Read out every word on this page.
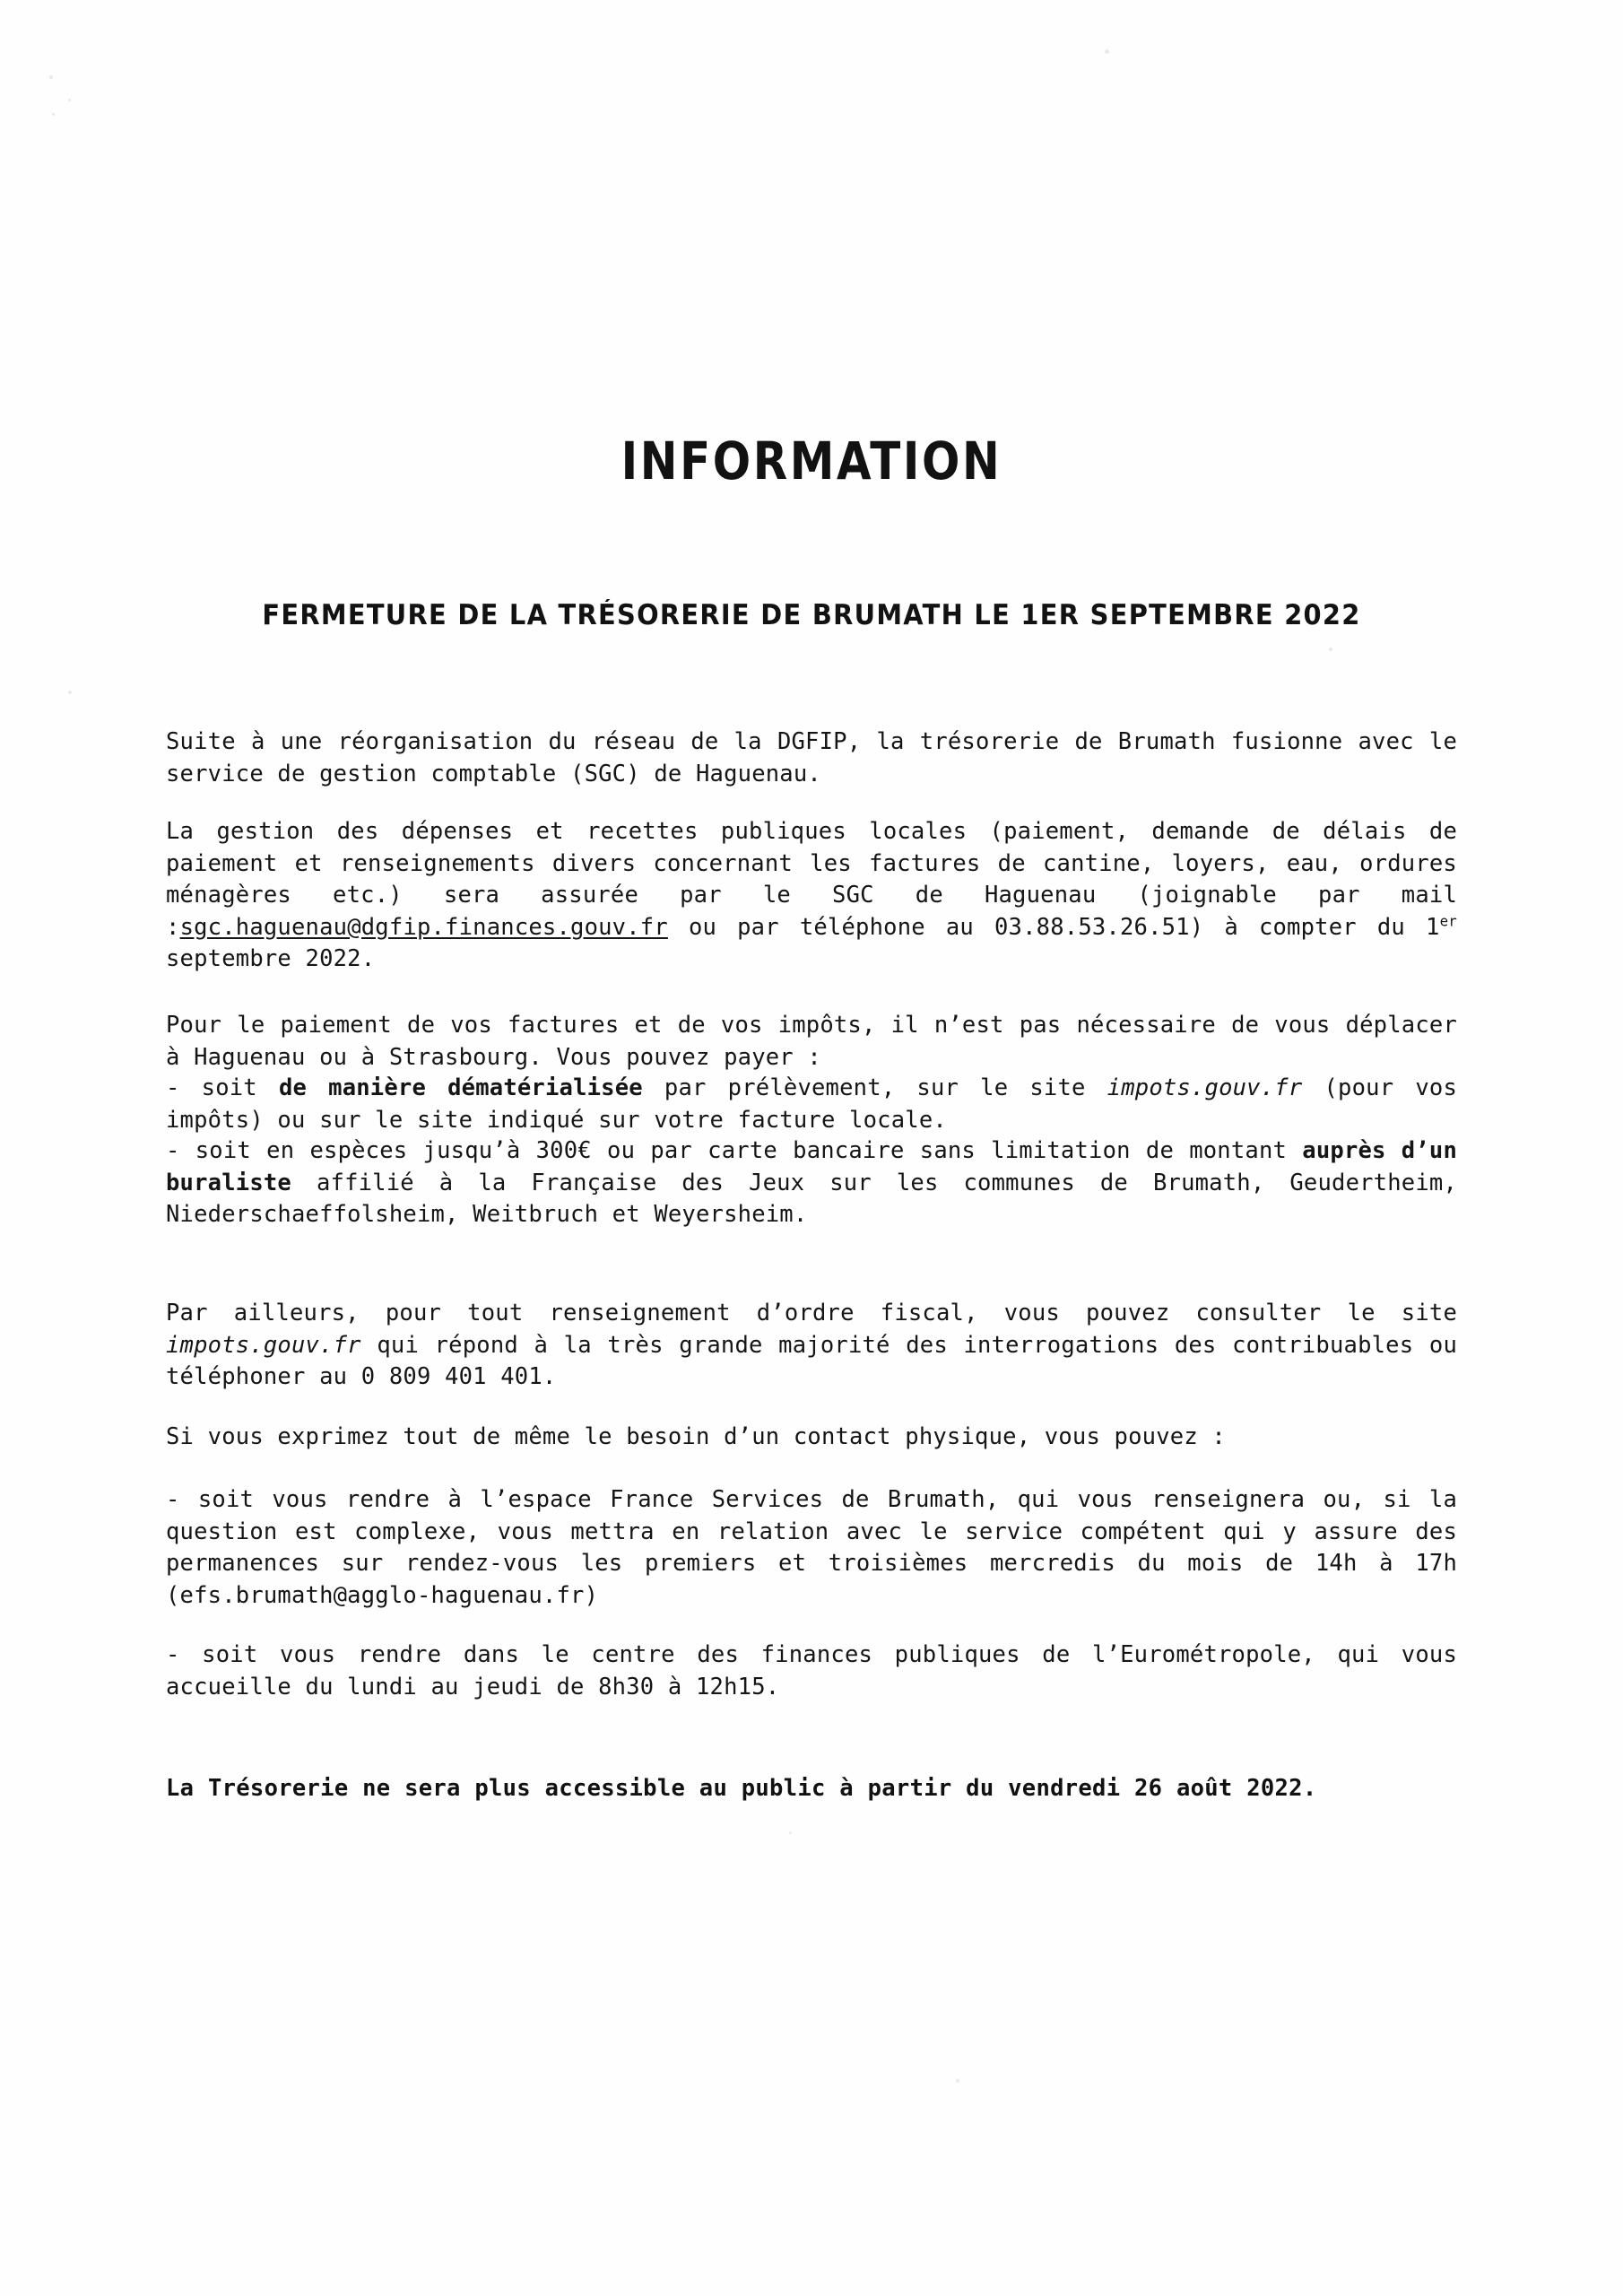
INFORMATION
FERMETURE DE LA TRÉSORERIE DE BRUMATH LE 1ER SEPTEMBRE 2022

Suite à une réorganisation du réseau de la DGFIP, la trésorerie de Brumath fusionne avec le service de gestion comptable (SGC) de Haguenau.

La gestion des dépenses et recettes publiques locales (paiement, demande de délais de paiement et renseignements divers concernant les factures de cantine, loyers, eau, ordures ménagères etc.) sera assurée par le SGC de Haguenau (joignable par mail :sgc.haguenau@dgfip.finances.gouv.fr ou par téléphone au 03.88.53.26.51) à compter du 1er septembre 2022.

Pour le paiement de vos factures et de vos impôts, il n’est pas nécessaire de vous déplacer à Haguenau ou à Strasbourg. Vous pouvez payer :

- soit de manière dématérialisée par prélèvement, sur le site impots.gouv.fr (pour vos impôts) ou sur le site indiqué sur votre facture locale.

- soit en espèces jusqu’à 300€ ou par carte bancaire sans limitation de montant auprès d’un buraliste affilié à la Française des Jeux sur les communes de Brumath, Geudertheim, Niederschaeffolsheim, Weitbruch et Weyersheim.

Par ailleurs, pour tout renseignement d’ordre fiscal, vous pouvez consulter le site impots.gouv.fr qui répond à la très grande majorité des interrogations des contribuables ou téléphoner au 0 809 401 401.

Si vous exprimez tout de même le besoin d’un contact physique, vous pouvez :

- soit vous rendre à l’espace France Services de Brumath, qui vous renseignera ou, si la question est complexe, vous mettra en relation avec le service compétent qui y assure des permanences sur rendez-vous les premiers et troisièmes mercredis du mois de 14h à 17h (efs.brumath@agglo-haguenau.fr)

- soit vous rendre dans le centre des finances publiques de l’Eurométropole, qui vous accueille du lundi au jeudi de 8h30 à 12h15.

La Trésorerie ne sera plus accessible au public à partir du vendredi 26 août 2022.
